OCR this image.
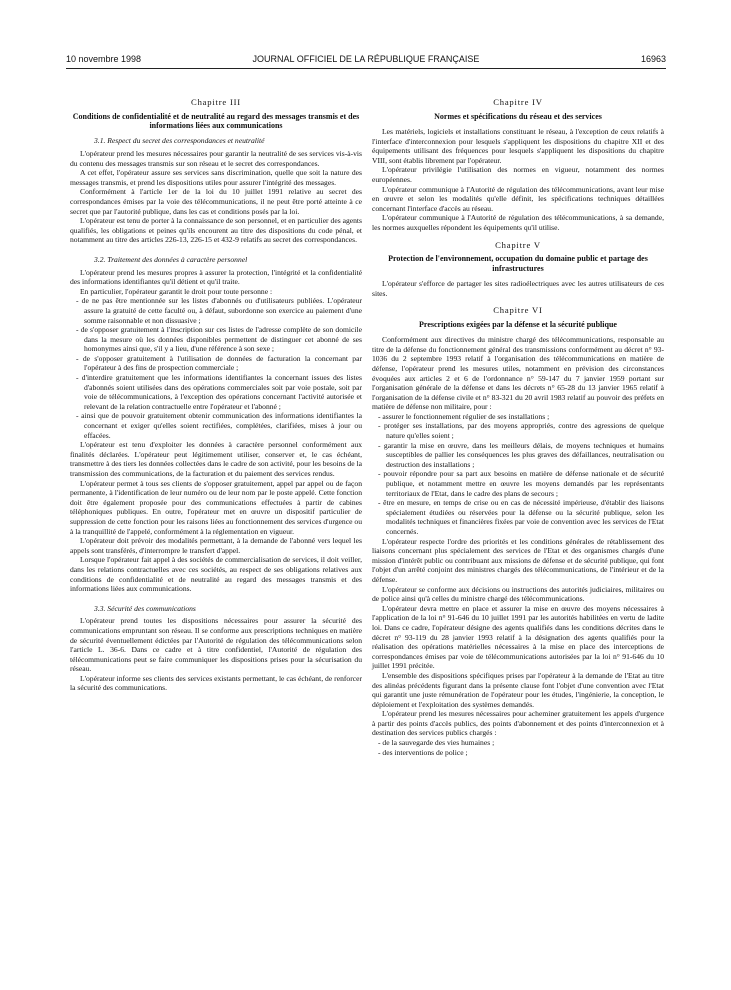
10 novembre 1998	JOURNAL OFFICIEL DE LA RÉPUBLIQUE FRANÇAISE	16963
Chapitre III
Conditions de confidentialité et de neutralité au regard des messages transmis et des informations liées aux communications
3.1. Respect du secret des correspondances et neutralité

L'opérateur prend les mesures nécessaires pour garantir la neutralité de ses services vis-à-vis du contenu des messages transmis sur son réseau et le secret des correspondances.

A cet effet, l'opérateur assure ses services sans discrimination, quelle que soit la nature des messages transmis, et prend les dispositions utiles pour assurer l'intégrité des messages.

Conformément à l'article 1er de la loi du 10 juillet 1991 relative au secret des correspondances émises par la voie des télécommunications, il ne peut être porté atteinte à ce secret que par l'autorité publique, dans les cas et conditions posés par la loi.

L'opérateur est tenu de porter à la connaissance de son personnel, et en particulier des agents qualifiés, les obligations et peines qu'ils encourent au titre des dispositions du code pénal, et notamment au titre des articles 226-13, 226-15 et 432-9 relatifs au secret des correspondances.

3.2. Traitement des données à caractère personnel

L'opérateur prend les mesures propres à assurer la protection, l'intégrité et la confidentialité des informations identifiantes qu'il détient et qu'il traite.

En particulier, l'opérateur garantit le droit pour toute personne :

- de ne pas être mentionnée sur les listes d'abonnés ou d'utilisateurs publiées. L'opérateur assure la gratuité de cette faculté ou, à défaut, subordonne son exercice au paiement d'une somme raisonnable et non dissuasive ;
- de s'opposer gratuitement à l'inscription sur ces listes de l'adresse complète de son domicile dans la mesure où les données disponibles permettent de distinguer cet abonné de ses homonymes ainsi que, s'il y a lieu, d'une référence à son sexe ;
- de s'opposer gratuitement à l'utilisation de données de facturation la concernant par l'opérateur à des fins de prospection commerciale ;
- d'interdire gratuitement que les informations identifiantes la concernant issues des listes d'abonnés soient utilisées dans des opérations commerciales soit par voie postale, soit par voie de télécommunications, à l'exception des opérations concernant l'activité autorisée et relevant de la relation contractuelle entre l'opérateur et l'abonné ;
- ainsi que de pouvoir gratuitement obtenir communication des informations identifiantes la concernant et exiger qu'elles soient rectifiées, complétées, clarifiées, mises à jour ou effacées.

L'opérateur est tenu d'exploiter les données à caractère personnel conformément aux finalités déclarées. L'opérateur peut légitimement utiliser, conserver et, le cas échéant, transmettre à des tiers les données collectées dans le cadre de son activité, pour les besoins de la transmission des communications, de la facturation et du paiement des services rendus.

L'opérateur permet à tous ses clients de s'opposer gratuitement, appel par appel ou de façon permanente, à l'identification de leur numéro ou de leur nom par le poste appelé. Cette fonction doit être également proposée pour des communications effectuées à partir de cabines téléphoniques publiques. En outre, l'opérateur met en œuvre un dispositif particulier de suppression de cette fonction pour les raisons liées au fonctionnement des services d'urgence ou à la tranquillité de l'appelé, conformément à la réglementation en vigueur.

L'opérateur doit prévoir des modalités permettant, à la demande de l'abonné vers lequel les appels sont transférés, d'interrompre le transfert d'appel.

Lorsque l'opérateur fait appel à des sociétés de commercialisation de services, il doit veiller, dans les relations contractuelles avec ces sociétés, au respect de ses obligations relatives aux conditions de confidentialité et de neutralité au regard des messages transmis et des informations liées aux communications.

3.3. Sécurité des communications

L'opérateur prend toutes les dispositions nécessaires pour assurer la sécurité des communications empruntant son réseau. Il se conforme aux prescriptions techniques en matière de sécurité éventuellement édictées par l'Autorité de régulation des télécommunications selon l'article L. 36-6. Dans ce cadre et à titre confidentiel, l'Autorité de régulation des télécommunications peut se faire communiquer les dispositions prises pour la sécurisation du réseau.

L'opérateur informe ses clients des services existants permettant, le cas échéant, de renforcer la sécurité des communications.

Chapitre IV
Normes et spécifications du réseau et des services

Les matériels, logiciels et installations constituant le réseau, à l'exception de ceux relatifs à l'interface d'interconnexion pour lesquels s'appliquent les dispositions du chapitre XII et des équipements utilisant des fréquences pour lesquels s'appliquent les dispositions du chapitre VIII, sont établis librement par l'opérateur.

L'opérateur privilégie l'utilisation des normes en vigueur, notamment des normes européennes.

L'opérateur communique à l'Autorité de régulation des télécommunications, avant leur mise en œuvre et selon les modalités qu'elle définit, les spécifications techniques détaillées concernant l'interface d'accès au réseau.

L'opérateur communique à l'Autorité de régulation des télécommunications, à sa demande, les normes auxquelles répondent les équipements qu'il utilise.

Chapitre V
Protection de l'environnement, occupation du domaine public et partage des infrastructures

L'opérateur s'efforce de partager les sites radioélectriques avec les autres utilisateurs de ces sites.

Chapitre VI
Prescriptions exigées par la défense et la sécurité publique

Conformément aux directives du ministre chargé des télécommunications, responsable au titre de la défense du fonctionnement général des transmissions conformément au décret n° 93-1036 du 2 septembre 1993 relatif à l'organisation des télécommunications en matière de défense, l'opérateur prend les mesures utiles, notamment en prévision des circonstances évoquées aux articles 2 et 6 de l'ordonnance n° 59-147 du 7 janvier 1959 portant sur l'organisation générale de la défense et dans les décrets n° 65-28 du 13 janvier 1965 relatif à l'organisation de la défense civile et n° 83-321 du 20 avril 1983 relatif au pouvoir des préfets en matière de défense non militaire, pour :

- assurer le fonctionnement régulier de ses installations ;
- protéger ses installations, par des moyens appropriés, contre des agressions de quelque nature qu'elles soient ;
- garantir la mise en œuvre, dans les meilleurs délais, de moyens techniques et humains susceptibles de pallier les conséquences les plus graves des défaillances, neutralisation ou destruction des installations ;
- pouvoir répondre pour sa part aux besoins en matière de défense nationale et de sécurité publique, et notamment mettre en œuvre les moyens demandés par les représentants territoriaux de l'Etat, dans le cadre des plans de secours ;
- être en mesure, en temps de crise ou en cas de nécessité impérieuse, d'établir des liaisons spécialement étudiées ou réservées pour la défense ou la sécurité publique, selon les modalités techniques et financières fixées par voie de convention avec les services de l'Etat concernés.

L'opérateur respecte l'ordre des priorités et les conditions générales de rétablissement des liaisons concernant plus spécialement des services de l'Etat et des organismes chargés d'une mission d'intérêt public ou contribuant aux missions de défense et de sécurité publique, qui font l'objet d'un arrêté conjoint des ministres chargés des télécommunications, de l'intérieur et de la défense.

L'opérateur se conforme aux décisions ou instructions des autorités judiciaires, militaires ou de police ainsi qu'à celles du ministre chargé des télécommunications.

L'opérateur devra mettre en place et assurer la mise en œuvre des moyens nécessaires à l'application de la loi n° 91-646 du 10 juillet 1991 par les autorités habilitées en vertu de ladite loi. Dans ce cadre, l'opérateur désigne des agents qualifiés dans les conditions décrites dans le décret n° 93-119 du 28 janvier 1993 relatif à la désignation des agents qualifiés pour la réalisation des opérations matérielles nécessaires à la mise en place des interceptions de correspondances émises par voie de télécommunications autorisées par la loi n° 91-646 du 10 juillet 1991 précitée.

L'ensemble des dispositions spécifiques prises par l'opérateur à la demande de l'Etat au titre des alinéas précédents figurant dans la présente clause font l'objet d'une convention avec l'Etat qui garantit une juste rémunération de l'opérateur pour les études, l'ingénierie, la conception, le déploiement et l'exploitation des systèmes demandés.

L'opérateur prend les mesures nécessaires pour acheminer gratuitement les appels d'urgence à partir des points d'accès publics, des points d'abonnement et des points d'interconnexion et à destination des services publics chargés :

- de la sauvegarde des vies humaines ;
- des interventions de police ;
